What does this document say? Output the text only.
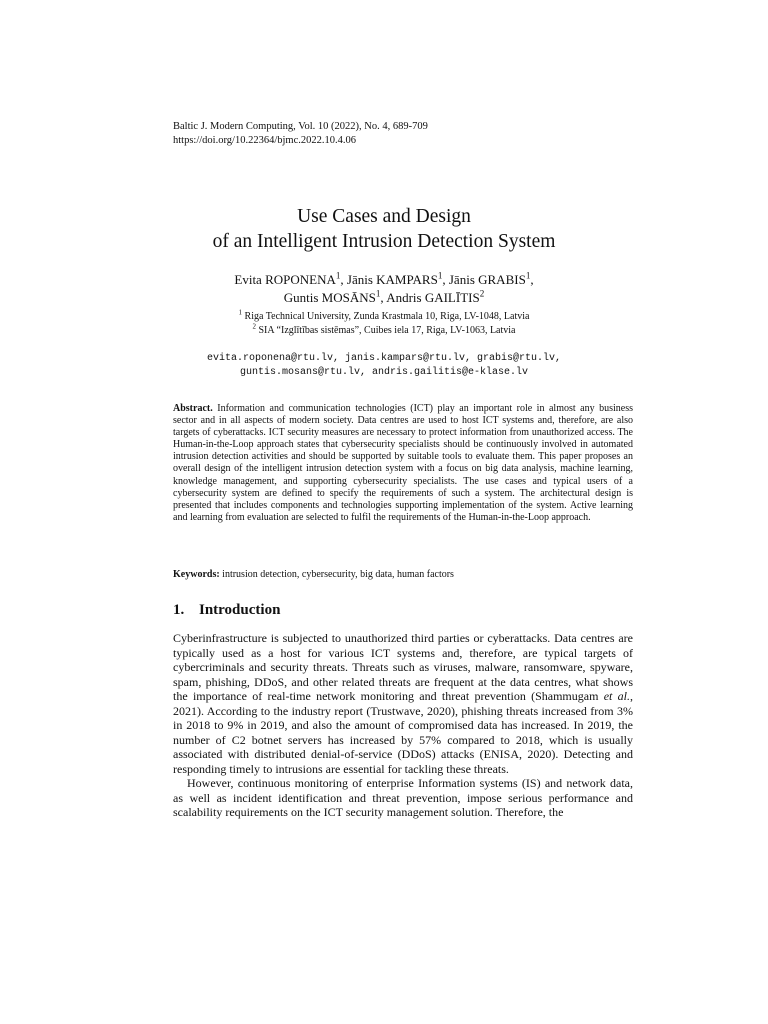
Baltic J. Modern Computing, Vol. 10 (2022), No. 4, 689-709
https://doi.org/10.22364/bjmc.2022.10.4.06
Use Cases and Design
of an Intelligent Intrusion Detection System
Evita ROPONENA$^1$, Jānis KAMPARS$^1$, Jānis GRABIS$^1$,
Guntis MOSĀNS$^1$, Andris GAILĪTIS$^2$
$^1$ Riga Technical University, Zunda Krastmala 10, Riga, LV-1048, Latvia
$^2$ SIA “Izglītības sistēmas”, Cuibes iela 17, Riga, LV-1063, Latvia
evita.roponena@rtu.lv, janis.kampars@rtu.lv, grabis@rtu.lv,
guntis.mosans@rtu.lv, andris.gailitis@e-klase.lv
Abstract. Information and communication technologies (ICT) play an important role in almost any business sector and in all aspects of modern society. Data centres are used to host ICT systems and, therefore, are also targets of cyberattacks. ICT security measures are necessary to protect information from unauthorized access. The Human-in-the-Loop approach states that cybersecurity specialists should be continuously involved in automated intrusion detection activities and should be supported by suitable tools to evaluate them. This paper proposes an overall design of the intelligent intrusion detection system with a focus on big data analysis, machine learning, knowledge management, and supporting cybersecurity specialists. The use cases and typical users of a cybersecurity system are defined to specify the requirements of such a system. The architectural design is presented that includes components and technologies supporting implementation of the system. Active learning and learning from evaluation are selected to fulfil the requirements of the Human-in-the-Loop approach.
Keywords: intrusion detection, cybersecurity, big data, human factors
1. Introduction

Cyberinfrastructure is subjected to unauthorized third parties or cyberattacks. Data centres are typically used as a host for various ICT systems and, therefore, are typical targets of cybercriminals and security threats. Threats such as viruses, malware, ransomware, spyware, spam, phishing, DDoS, and other related threats are frequent at the data centres, what shows the importance of real-time network monitoring and threat prevention (Shammugam et al., 2021). According to the industry report (Trustwave, 2020), phishing threats increased from 3% in 2018 to 9% in 2019, and also the amount of compromised data has increased. In 2019, the number of C2 botnet servers has increased by 57% compared to 2018, which is usually associated with distributed denial-of-service (DDoS) attacks (ENISA, 2020). Detecting and responding timely to intrusions are essential for tackling these threats.

However, continuous monitoring of enterprise Information systems (IS) and network data, as well as incident identification and threat prevention, impose serious performance and scalability requirements on the ICT security management solution. Therefore, the
